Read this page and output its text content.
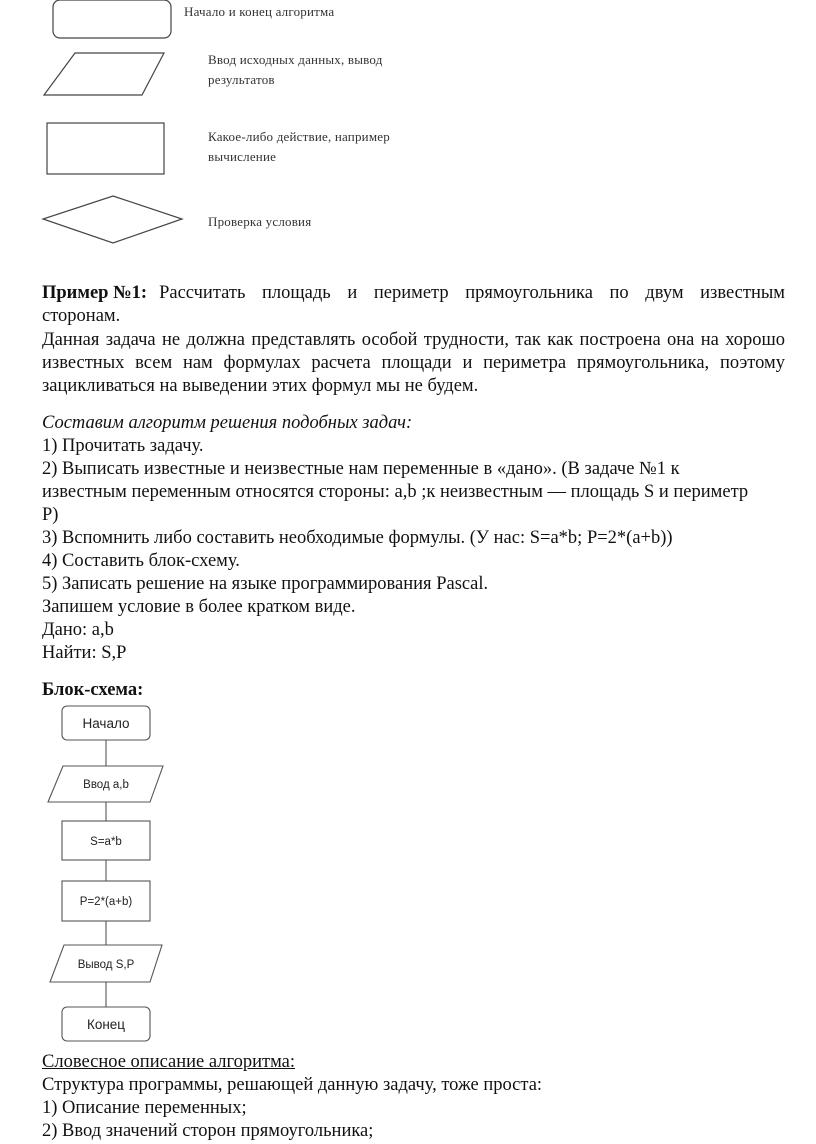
Начало и конец алгоритма
Ввод исходных данных, вывод
результатов
Какое-либо действие, например
вычисление
Проверка условия
Пример №1: Рассчитать площадь и периметр прямоугольника по двум известным
сторонам.
Данная задача не должна представлять особой трудности, так как построена она на хорошо
известных всем нам формулах расчета площади и периметра прямоугольника, поэтому
зацикливаться на выведении этих формул мы не будем.
Составим алгоритм решения подобных задач:
1) Прочитать задачу.
2) Выписать известные и неизвестные нам переменные в «дано». (В задаче №1 к
известным переменным относятся стороны: a,b ;к неизвестным — площадь S и периметр
P)
3) Вспомнить либо составить необходимые формулы. (У нас: S=a*b; P=2*(a+b))
4) Составить блок-схему.
5) Записать решение на языке программирования Pascal.
Запишем условие в более кратком виде.
Дано: a,b
Найти: S,P
Блок-схема:
Начало
Ввод a,b
S=a*b
P=2*(a+b)
Вывод S,P
Конец
Словесное описание алгоритма:
Структура программы, решающей данную задачу, тоже проста:
1) Описание переменных;
2) Ввод значений сторон прямоугольника;
